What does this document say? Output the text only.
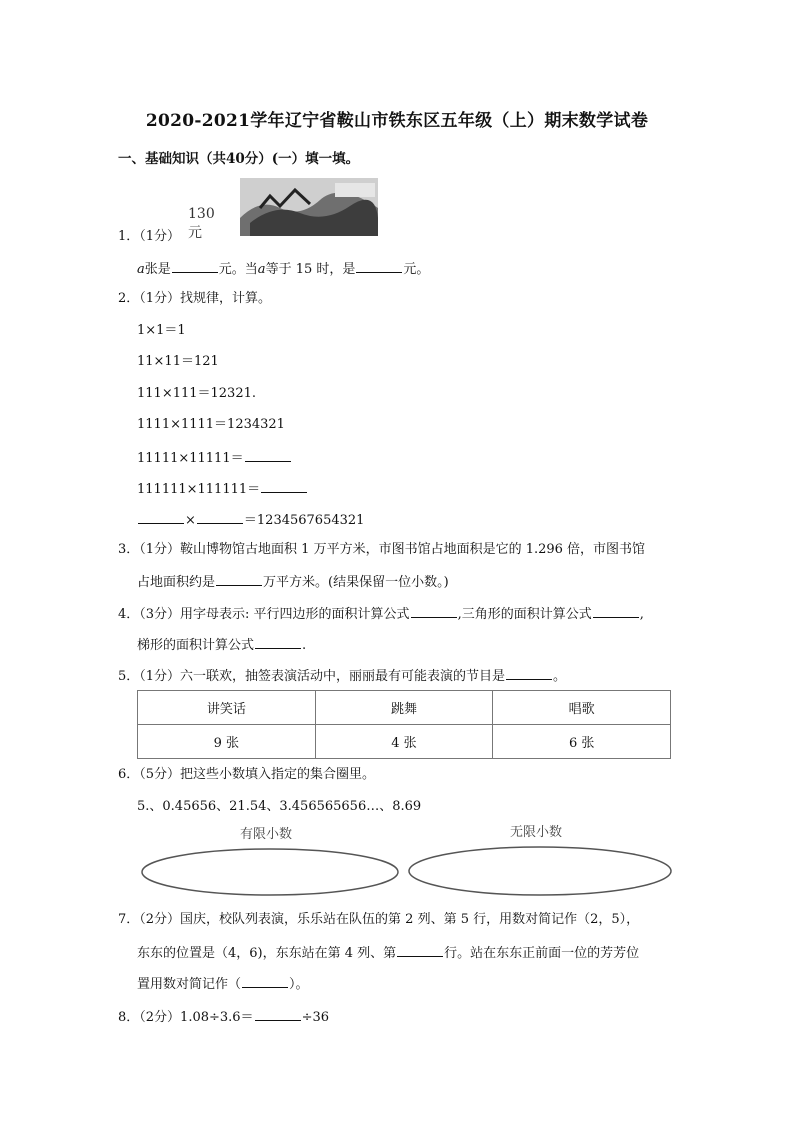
2020-2021学年辽宁省鞍山市铁东区五年级（上）期末数学试卷
一、基础知识（共40分）(一）填一填。
130 元
1．（1分）
a张是	元。当a等于 15 时，是	元。
2．（1分）找规律，计算。
1×1＝1
11×11＝121
111×111＝12321.
1111×1111＝1234321
11111×11111＝
111111×111111＝
×	＝1234567654321
3．（1分）鞍山博物馆古地面积 1 万平方米，市图书馆占地面积是它的 1.296 倍，市图书馆
占地面积约是	万平方米。(结果保留一位小数。)
4．（3分）用字母表示: 平行四边形的面积计算公式	,三角形的面积计算公式	,
梯形的面积计算公式	.
5．（1分）六一联欢，抽签表演活动中，丽丽最有可能表演的节目是	。
讲笑话	跳舞	唱歌
9 张	4 张	6 张
6．（5分）把这些小数填入指定的集合圈里。
5.、0.45656、21.54、3.456565656…、8.69
有限小数	无限小数
7．（2分）国庆，校队列表演，乐乐站在队伍的第 2 列、第 5 行，用数对简记作（2，5），
东东的位置是（4，6)，东东站在第 4 列、第	行。站在东东正前面一位的芳芳位
置用数对简记作（	）。
8．（2分）1.08÷3.6＝	÷36
